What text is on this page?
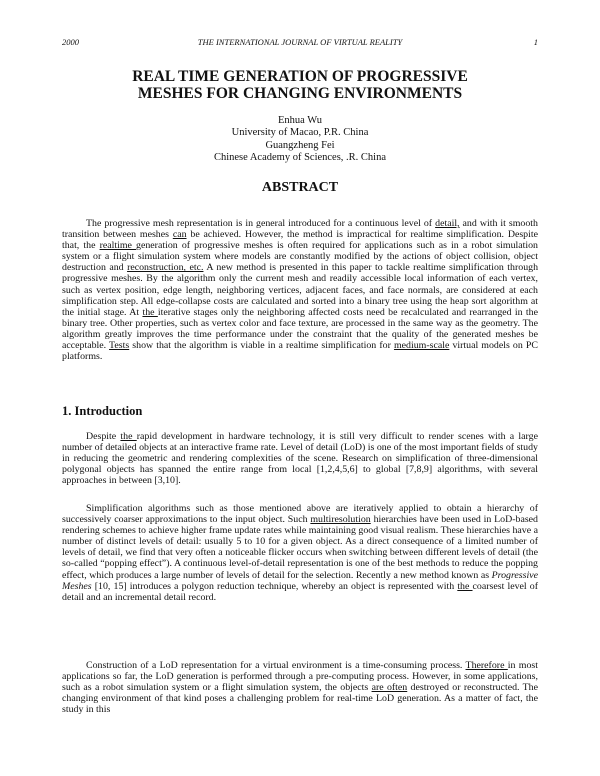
2000	THE INTERNATIONAL JOURNAL OF VIRTUAL REALITY	1
REAL TIME GENERATION OF PROGRESSIVE
MESHES FOR CHANGING ENVIRONMENTS
Enhua Wu
University of Macao, P.R. China
Guangzheng Fei
Chinese Academy of Sciences, .R. China
ABSTRACT

The progressive mesh representation is in general introduced for a continuous level of detail, and with it smooth transition between meshes can be achieved. However, the method is impractical for realtime simplification. Despite that, the realtime generation of progressive meshes is often required for applications such as in a robot simulation system or a flight simulation system where models are constantly modified by the actions of object collision, object destruction and reconstruction, etc. A new method is presented in this paper to tackle realtime simplification through progressive meshes. By the algorithm only the current mesh and readily accessible local information of each vertex, such as vertex position, edge length, neighboring vertices, adjacent faces, and face normals, are considered at each simplification step. All edge-collapse costs are calculated and sorted into a binary tree using the heap sort algorithm at the initial stage. At the iterative stages only the neighboring affected costs need be recalculated and rearranged in the binary tree. Other properties, such as vertex color and face texture, are processed in the same way as the geometry. The algorithm greatly improves the time performance under the constraint that the quality of the generated meshes be acceptable. Tests show that the algorithm is viable in a realtime simplification for medium-scale virtual models on PC platforms.

1. Introduction

Despite the rapid development in hardware technology, it is still very difficult to render scenes with a large number of detailed objects at an interactive frame rate. Level of detail (LoD) is one of the most important fields of study in reducing the geometric and rendering complexities of the scene. Research on simplification of three-dimensional polygonal objects has spanned the entire range from local [1,2,4,5,6] to global [7,8,9] algorithms, with several approaches in between [3,10].

Simplification algorithms such as those mentioned above are iteratively applied to obtain a hierarchy of successively coarser approximations to the input object. Such multiresolution hierarchies have been used in LoD-based rendering schemes to achieve higher frame update rates while maintaining good visual realism. These hierarchies have a number of distinct levels of detail: usually 5 to 10 for a given object. As a direct consequence of a limited number of levels of detail, we find that very often a noticeable flicker occurs when switching between different levels of detail (the so-called “popping effect”). A continuous level-of-detail representation is one of the best methods to reduce the popping effect, which produces a large number of levels of detail for the selection. Recently a new method known as Progressive Meshes [10, 15] introduces a polygon reduction technique, whereby an object is represented with the coarsest level of detail and an incremental detail record.

Construction of a LoD representation for a virtual environment is a time-consuming process. Therefore in most applications so far, the LoD generation is performed through a pre-computing process. However, in some applications, such as a robot simulation system or a flight simulation system, the objects are often destroyed or reconstructed. The changing environment of that kind poses a challenging problem for real-time LoD generation. As a matter of fact, the study in this
